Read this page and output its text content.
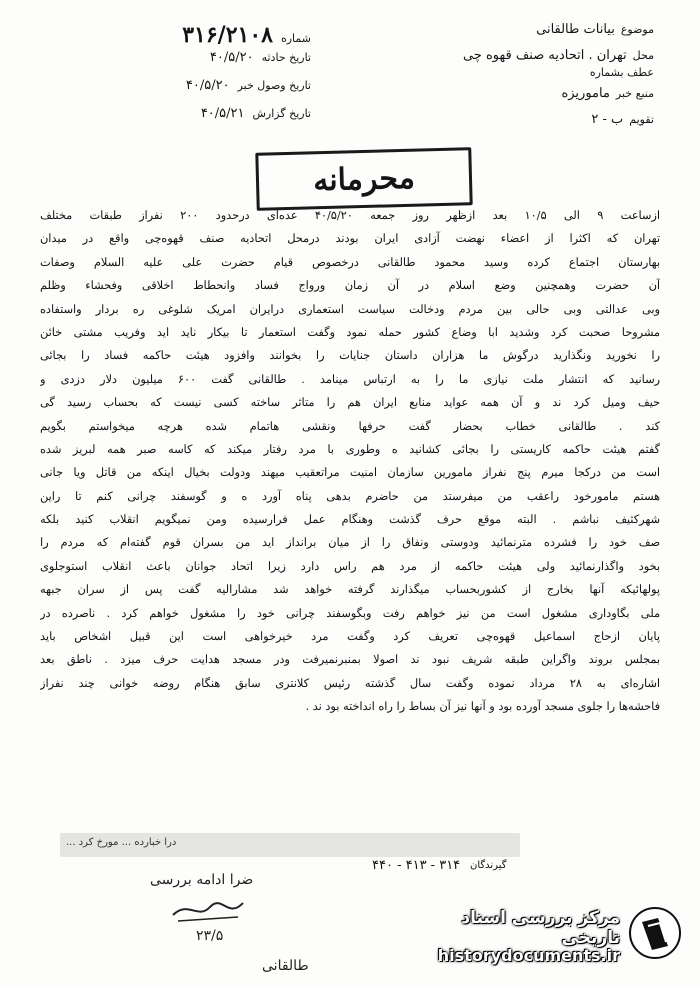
موضوع
بیانات طالقانی
محل
تهران . اتحادیه صنف قهوه چی
عطف بشماره
منبع خبر
ماموریزه
تقویم
ب - ۲
شماره
۳۱۶/۲۱۰۸
تاریخ حادثه
۴۰/۵/۲۰
تاریخ وصول خبر
۴۰/۵/۲۰
تاریخ گزارش
۴۰/۵/۲۱
محرمانه

ازساعت ۹ الی ۱۰/۵ بعد ازظهر روز جمعه ۴۰/۵/۲۰ عده‌ای درحدود ۲۰۰ نفراز طبقات مختلف

تهران که اکثرا از اعضاء نهضت آزادی ایران بودند درمحل اتحادیه صنف قهوه‌چی واقع در میدان

بهارستان اجتماع کرده وسید محمود طالقانی درخصوص قیام حضرت علی علیه السلام وصفات

آن حضرت وهمچنین وضع اسلام در آن زمان ورواج فساد وانحطاط اخلاقی وفحشاء وظلم

وبی عدالتی وبی حالی بین مردم ودخالت سیاست استعماری درایران امریک شلوغی ره بردار واستفاده

مشروحا صحبت کرد وشدید ابا وضاع کشور حمله نمود وگفت استعمار تا بیکار ناید اید وفریب مشتی خائن

را نخورید ونگذارید درگوش ما هزاران داستان جنایات را بخوانند وافزود هیئت حاکمه فساد را بجائی

رسانید که انتشار ملت نیازی ما را به ارتباس مینامد . طالقانی گفت ۶۰۰ میلیون دلار دزدی و

حیف ومیل کرد ند و آن همه عواید منابع ایران هم را متاثر ساخته کسی نیست که بحساب رسید گی

کند . طالقانی خطاب بحضار گفت حرفها ونقشی هاتمام شده هرچه میخواستم بگویم

گفتم هیئت حاکمه کاریستی را بجائی کشانید ه وطوری با مرد رفتار میکند که کاسه صبر همه لبریز شده

است من درکجا میرم پنج نفراز مامورین سازمان امنیت مراتعقیب میهند ودولت بخیال اینکه من قاتل ویا جانی

هستم مامورخود راعقب من میفرستد من حاضرم بدهی پناه آورد ه و گوسفند چرانی کنم تا راین

شهرکثیف نباشم . البته موقع حرف گذشت وهنگام عمل فرارسیده ومن نمیگویم انقلاب کنید بلکه

صف خود را فشرده مترنمائید ودوستی ونفاق را از میان برانداز اید من بسران قوم گفته‌ام که مردم را

بخود واگذارنمائید ولی هیئت حاکمه از مرد هم راس دارد زیرا اتحاد جوانان باعث انقلاب استوجلوی

پولهائیکه آنها بخارج از کشوربحساب میگذارند گرفته خواهد شد مشارالیه گفت پس از سران جبهه

ملی بگاوداری مشغول است من نیز خواهم رفت وبگوسفند چرانی خود را مشغول خواهم کرد . ناصرده در

پایان ازحاج اسماعیل قهوه‌چی تعریف کرد وگفت مرد خیرخواهی است این قبیل اشخاص باید

بمجلس بروند واگراین طبقه شریف نبود ند اصولا بمنبرنمیرفت ودر مسجد هدایت حرف میزد . ناطق بعد

اشاره‌ای به ۲۸ مرداد نموده وگفت سال گذشته رئیس کلانتری سابق هنگام روضه خوانی چند نفراز

فاحشه‌ها را جلوی مسجد آورده بود و آنها نیز آن بساط را راه انداخته بود ند .

درا خبارده ... مورخ کرد ...
گیرندگان
۴۴۰ - ۴۱۳ - ۳۱۴
ضرا ادامه بررسی
۲۳/۵
طالقانی
مرکز بررسی اسناد تاریخی
historydocuments.ir
